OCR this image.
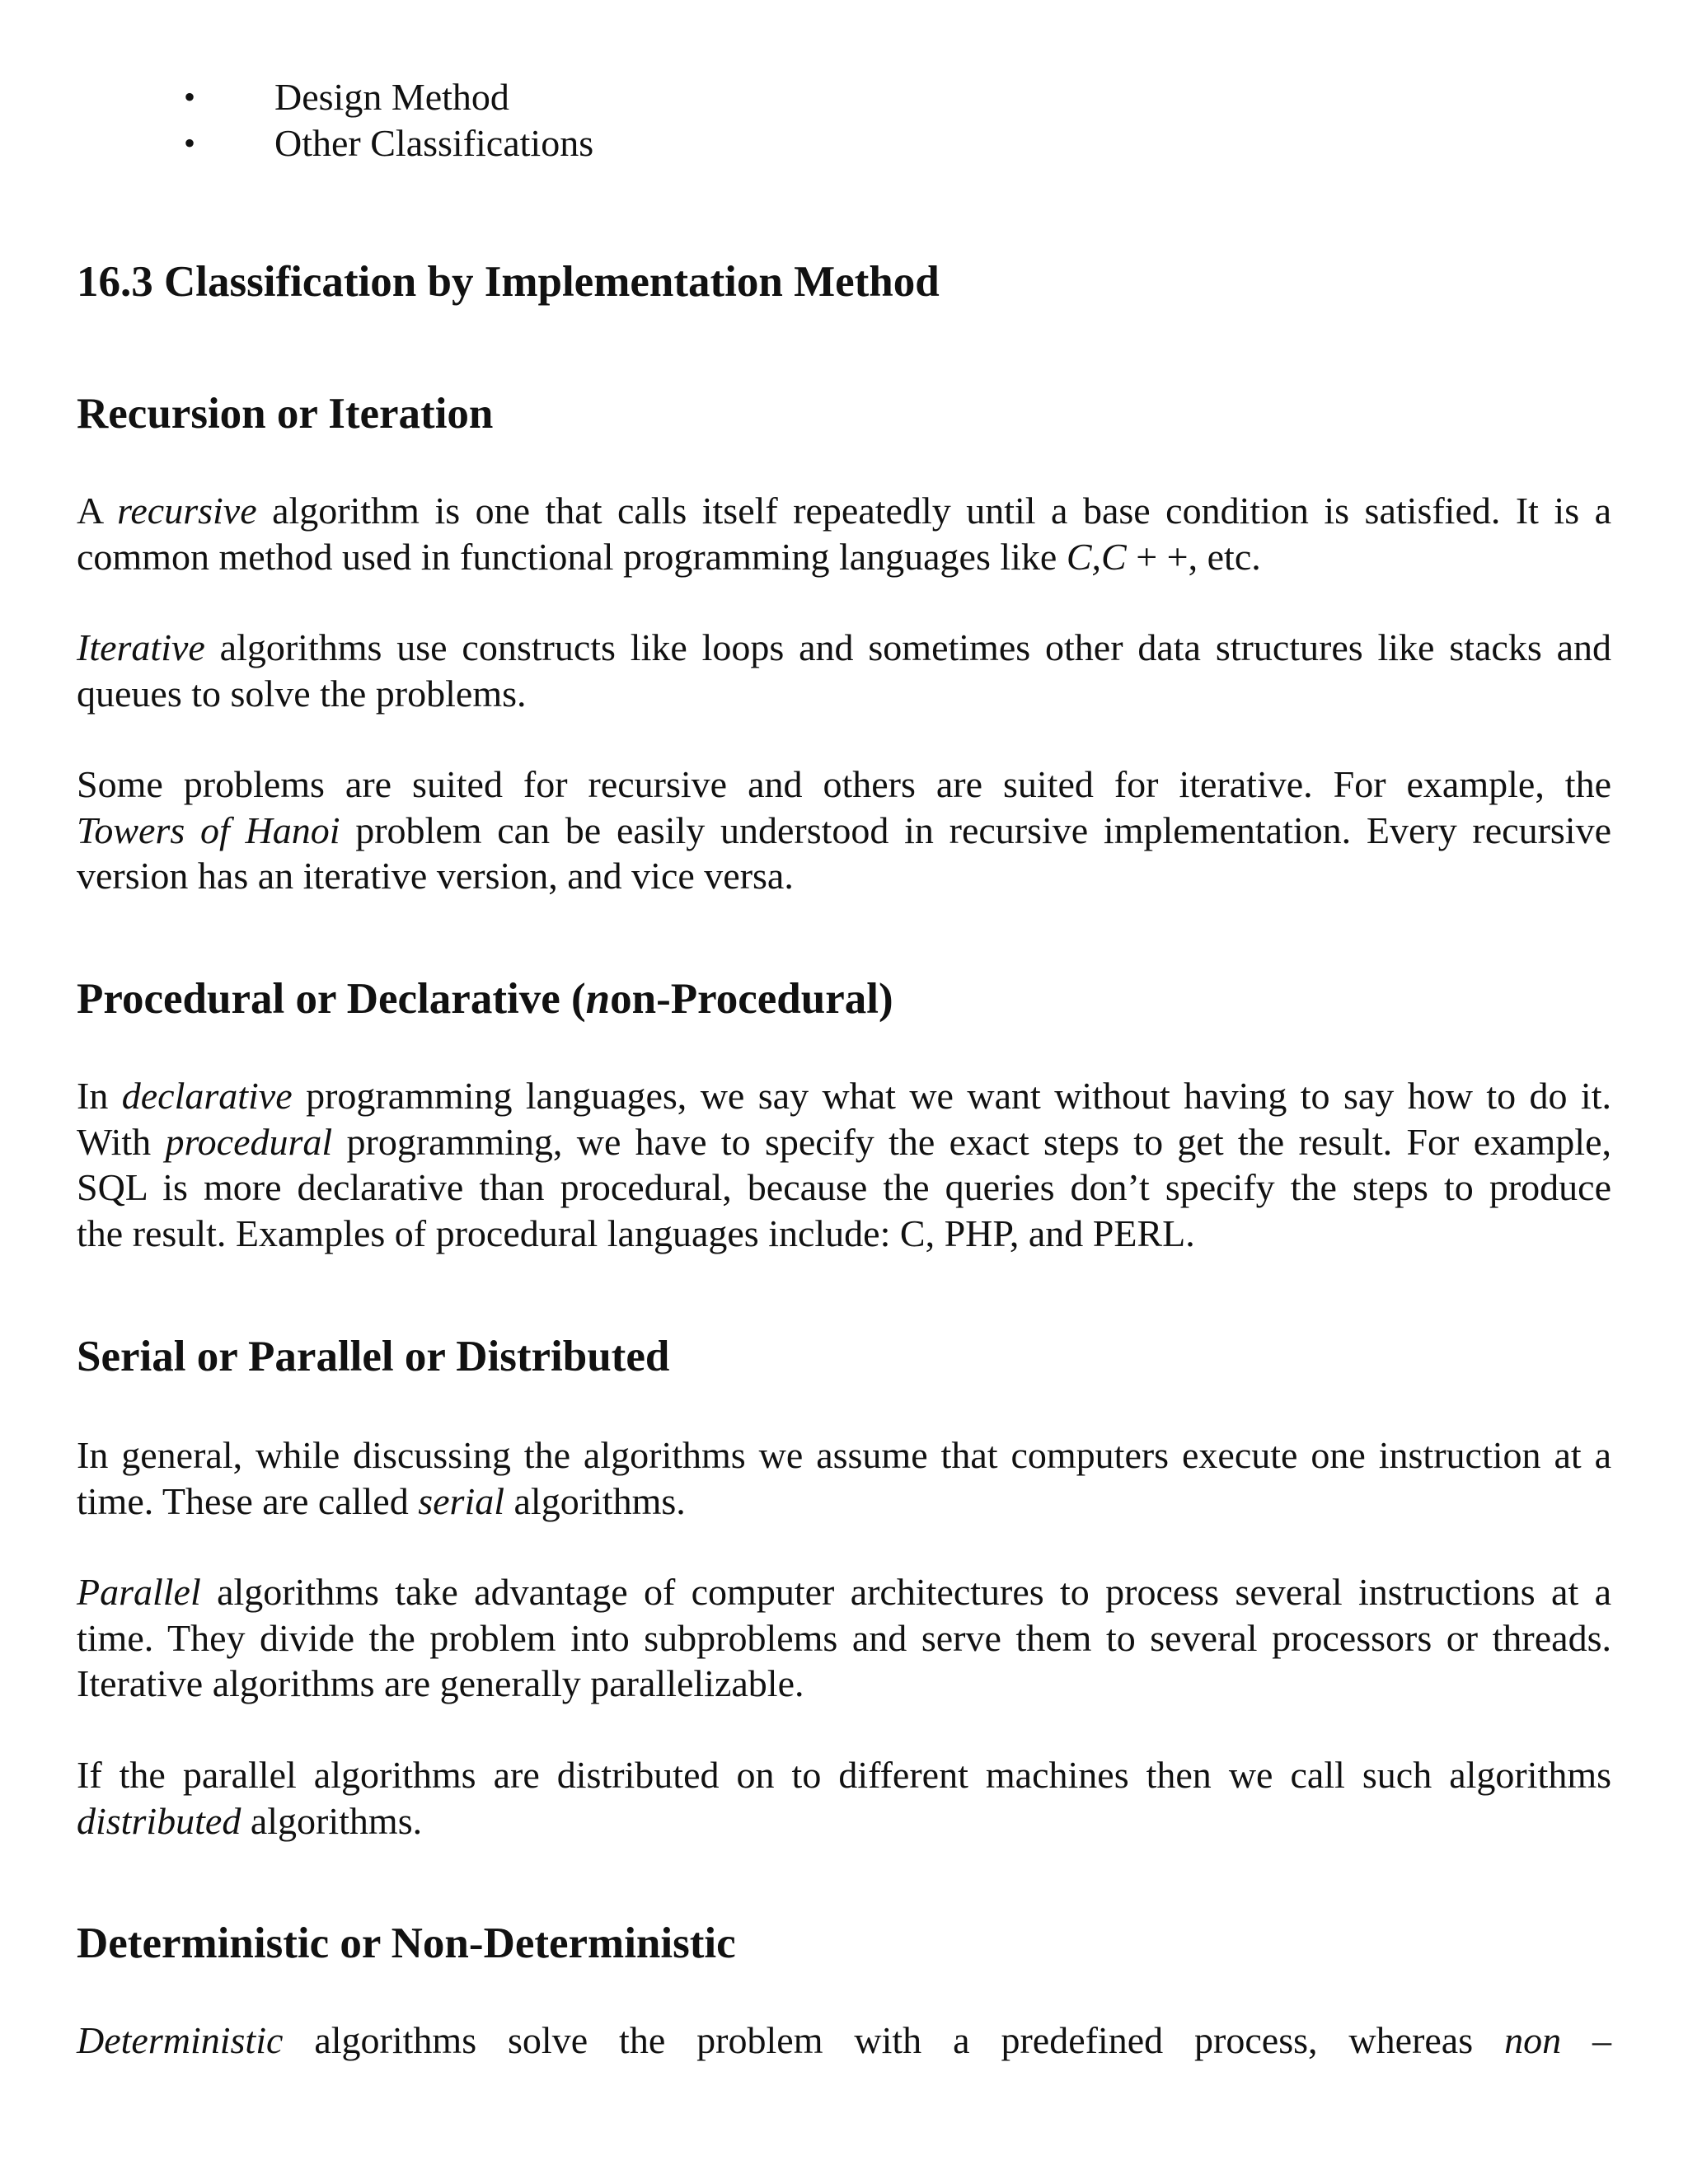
• Design Method
• Other Classifications
16.3 Classification by Implementation Method
Recursion or Iteration

A recursive algorithm is one that calls itself repeatedly until a base condition is satisfied. It is a
common method used in functional programming languages like C,C + +, etc.

Iterative algorithms use constructs like loops and sometimes other data structures like stacks and
queues to solve the problems.

Some problems are suited for recursive and others are suited for iterative. For example, the
Towers of Hanoi problem can be easily understood in recursive implementation. Every recursive
version has an iterative version, and vice versa.

Procedural or Declarative (non-Procedural)

In declarative programming languages, we say what we want without having to say how to do it.
With procedural programming, we have to specify the exact steps to get the result. For example,
SQL is more declarative than procedural, because the queries don’t specify the steps to produce
the result. Examples of procedural languages include: C, PHP, and PERL.

Serial or Parallel or Distributed

In general, while discussing the algorithms we assume that computers execute one instruction at a
time. These are called serial algorithms.

Parallel algorithms take advantage of computer architectures to process several instructions at a
time. They divide the problem into subproblems and serve them to several processors or threads.
Iterative algorithms are generally parallelizable.

If the parallel algorithms are distributed on to different machines then we call such algorithms
distributed algorithms.

Deterministic or Non-Deterministic

Deterministic algorithms solve the problem with a predefined process, whereas non –
